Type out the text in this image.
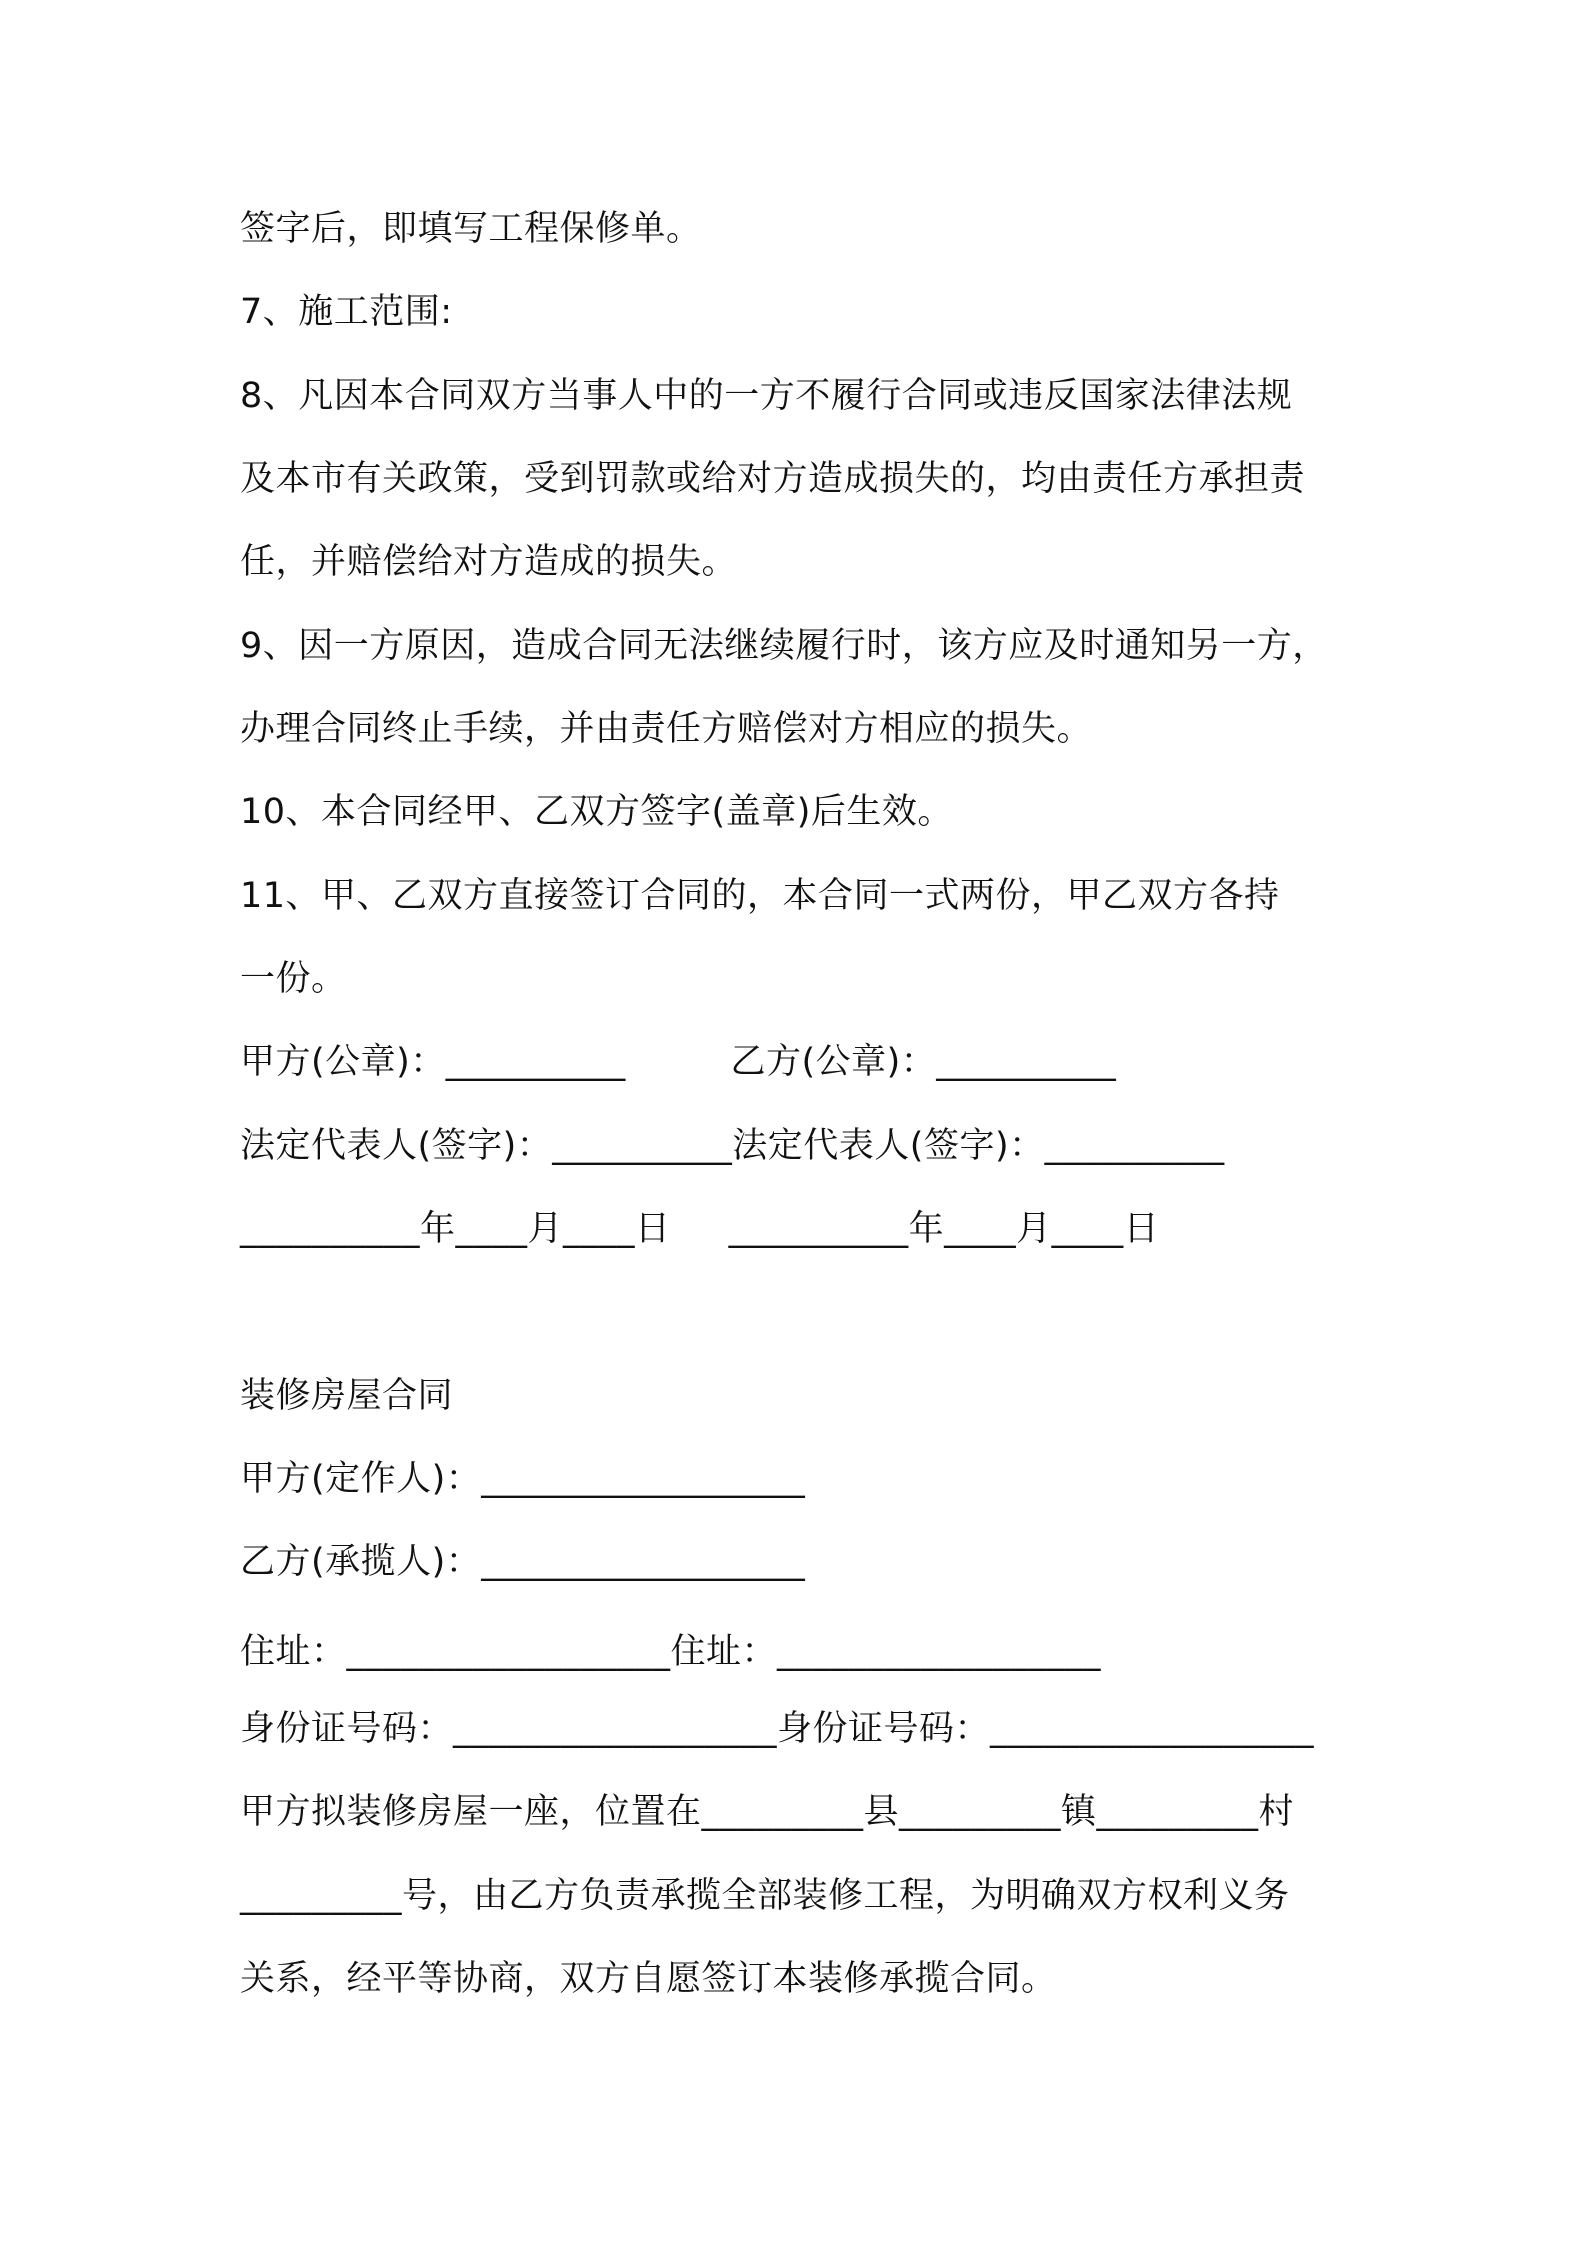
签字后，即填写工程保修单。
7、施工范围:
8、凡因本合同双方当事人中的一方不履行合同或违反国家法律法规
及本市有关政策，受到罚款或给对方造成损失的，均由责任方承担责
任，并赔偿给对方造成的损失。
9、因一方原因，造成合同无法继续履行时，该方应及时通知另一方，
办理合同终止手续，并由责任方赔偿对方相应的损失。
10、本合同经甲、乙双方签字(盖章)后生效。
11、甲、乙双方直接签订合同的，本合同一式两份，甲乙双方各持
一份。
甲方(公章)：__________         乙方(公章)：__________
法定代表人(签字)：__________法定代表人(签字)：__________
__________年____月____日     __________年____月____日
装修房屋合同
甲方(定作人)：__________________
乙方(承揽人)：__________________
住址：__________________住址：__________________
身份证号码：__________________身份证号码：__________________
甲方拟装修房屋一座，位置在_________县_________镇_________村
_________号，由乙方负责承揽全部装修工程，为明确双方权利义务
关系，经平等协商，双方自愿签订本装修承揽合同。
